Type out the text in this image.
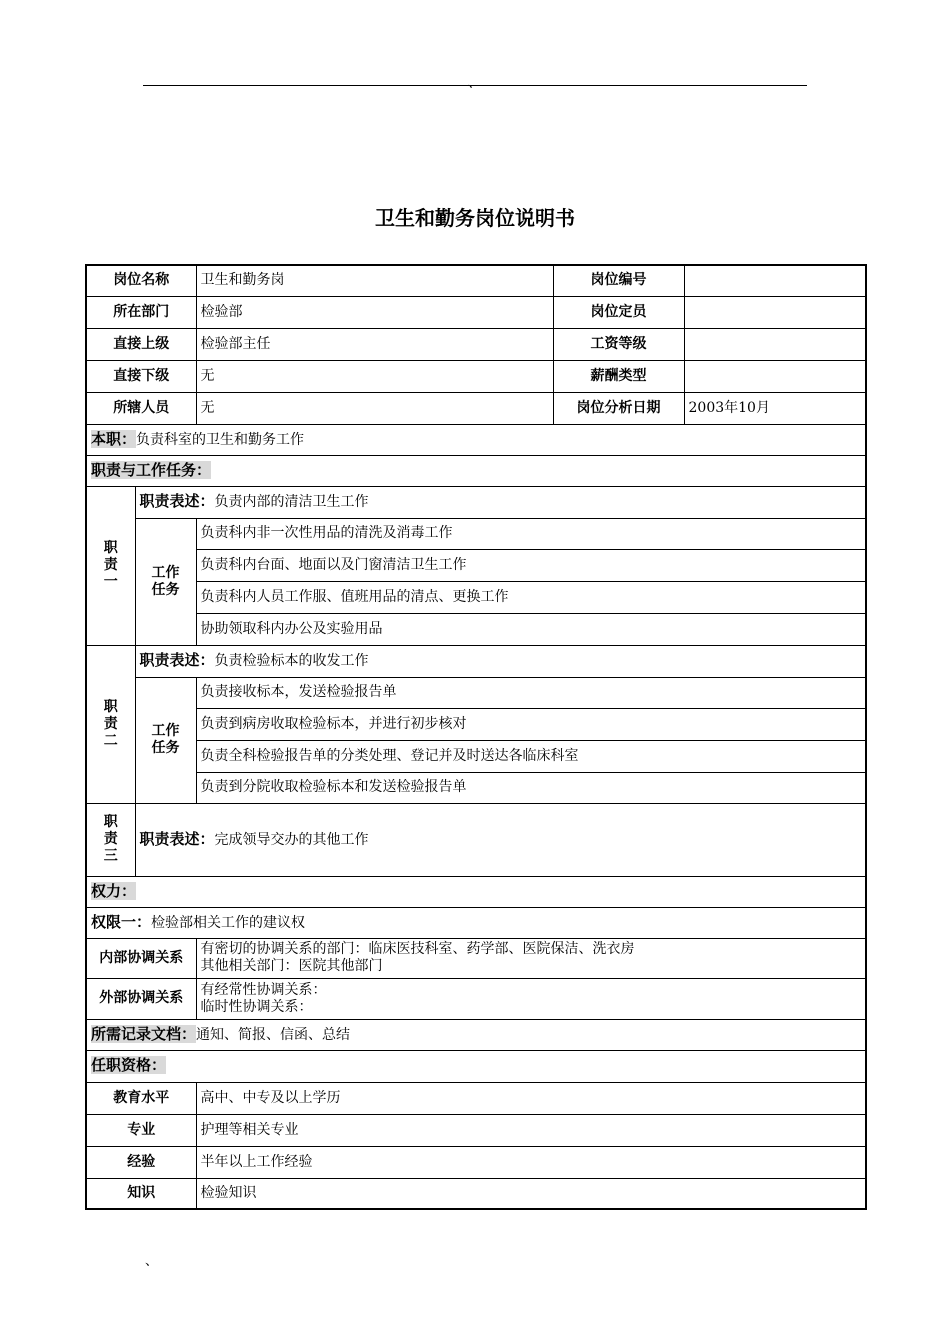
、
卫生和勤务岗位说明书
岗位名称		卫生和勤务岗	岗位编号	
所在部门		检验部	岗位定员	
直接上级		检验部主任	工资等级	
直接下级		无	薪酬类型	
所辖人员		无	岗位分析日期	2003年10月
本职：负责科室的卫生和勤务工作				
职责与工作任务：				

职
责
一	职责表述：负责内部的清洁卫生工作			

	工作
任务	负责科内非一次性用品的清洗及消毒工作		
		负责科内台面、地面以及门窗清洁卫生工作		
		负责科内人员工作服、值班用品的清点、更换工作		
		协助领取科内办公及实验用品		

职
责
二	职责表述：负责检验标本的收发工作			

	工作
任务	负责接收标本，发送检验报告单		
		负责到病房收取检验标本，并进行初步核对		
		负责全科检验报告单的分类处理、登记并及时送达各临床科室		
		负责到分院收取检验标本和发送检验报告单		

职
责
三	职责表述：完成领导交办的其他工作			
权力：				
权限一：检验部相关工作的建议权				
内部协调关系		有密切的协调关系的部门：临床医技科室、药学部、医院保洁、洗衣房
其他相关部门：医院其他部门		

外部协调关系		有经常性协调关系：
临时性协调关系：		

所需记录文档：通知、简报、信函、总结				
任职资格：				
教育水平		高中、中专及以上学历		
专业		护理等相关专业		
经验		半年以上工作经验		
知识		检验知识		
、
